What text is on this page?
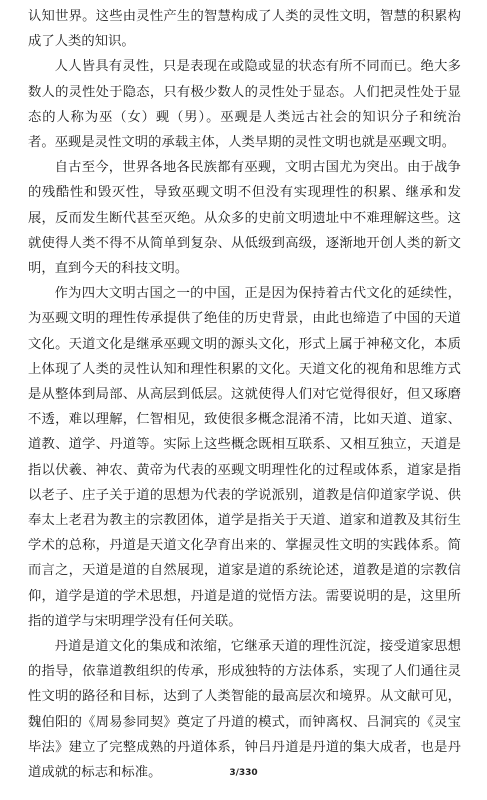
认知世界。这些由灵性产生的智慧构成了人类的灵性文明，智慧的积累构成了人类的知识。

人人皆具有灵性，只是表现在或隐或显的状态有所不同而已。绝大多数人的灵性处于隐态，只有极少数人的灵性处于显态。人们把灵性处于显态的人称为巫（女）觋（男）。巫觋是人类远古社会的知识分子和统治者。巫觋是灵性文明的承载主体，人类早期的灵性文明也就是巫觋文明。

自古至今，世界各地各民族都有巫觋，文明古国尤为突出。由于战争的残酷性和毁灭性，导致巫觋文明不但没有实现理性的积累、继承和发展，反而发生断代甚至灭绝。从众多的史前文明遗址中不难理解这些。这就使得人类不得不从简单到复杂、从低级到高级，逐渐地开创人类的新文明，直到今天的科技文明。

作为四大文明古国之一的中国，正是因为保持着古代文化的延续性，为巫觋文明的理性传承提供了绝佳的历史背景，由此也缔造了中国的天道文化。天道文化是继承巫觋文明的源头文化，形式上属于神秘文化，本质上体现了人类的灵性认知和理性积累的文化。天道文化的视角和思维方式是从整体到局部、从高层到低层。这就使得人们对它觉得很好，但又琢磨不透，难以理解，仁智相见，致使很多概念混淆不清，比如天道、道家、道教、道学、丹道等。实际上这些概念既相互联系、又相互独立，天道是指以伏羲、神农、黄帝为代表的巫觋文明理性化的过程或体系，道家是指以老子、庄子关于道的思想为代表的学说派别，道教是信仰道家学说、供奉太上老君为教主的宗教团体，道学是指关于天道、道家和道教及其衍生学术的总称，丹道是天道文化孕育出来的、掌握灵性文明的实践体系。简而言之，天道是道的自然展现，道家是道的系统论述，道教是道的宗教信仰，道学是道的学术思想，丹道是道的觉悟方法。需要说明的是，这里所指的道学与宋明理学没有任何关联。

丹道是道文化的集成和浓缩，它继承天道的理性沉淀，接受道家思想的指导，依靠道教组织的传承，形成独特的方法体系，实现了人们通往灵性文明的路径和目标，达到了人类智能的最高层次和境界。从文献可见，魏伯阳的《周易参同契》奠定了丹道的模式，而钟离权、吕洞宾的《灵宝毕法》建立了完整成熟的丹道体系，钟吕丹道是丹道的集大成者，也是丹道成就的标志和标准。	3/330
